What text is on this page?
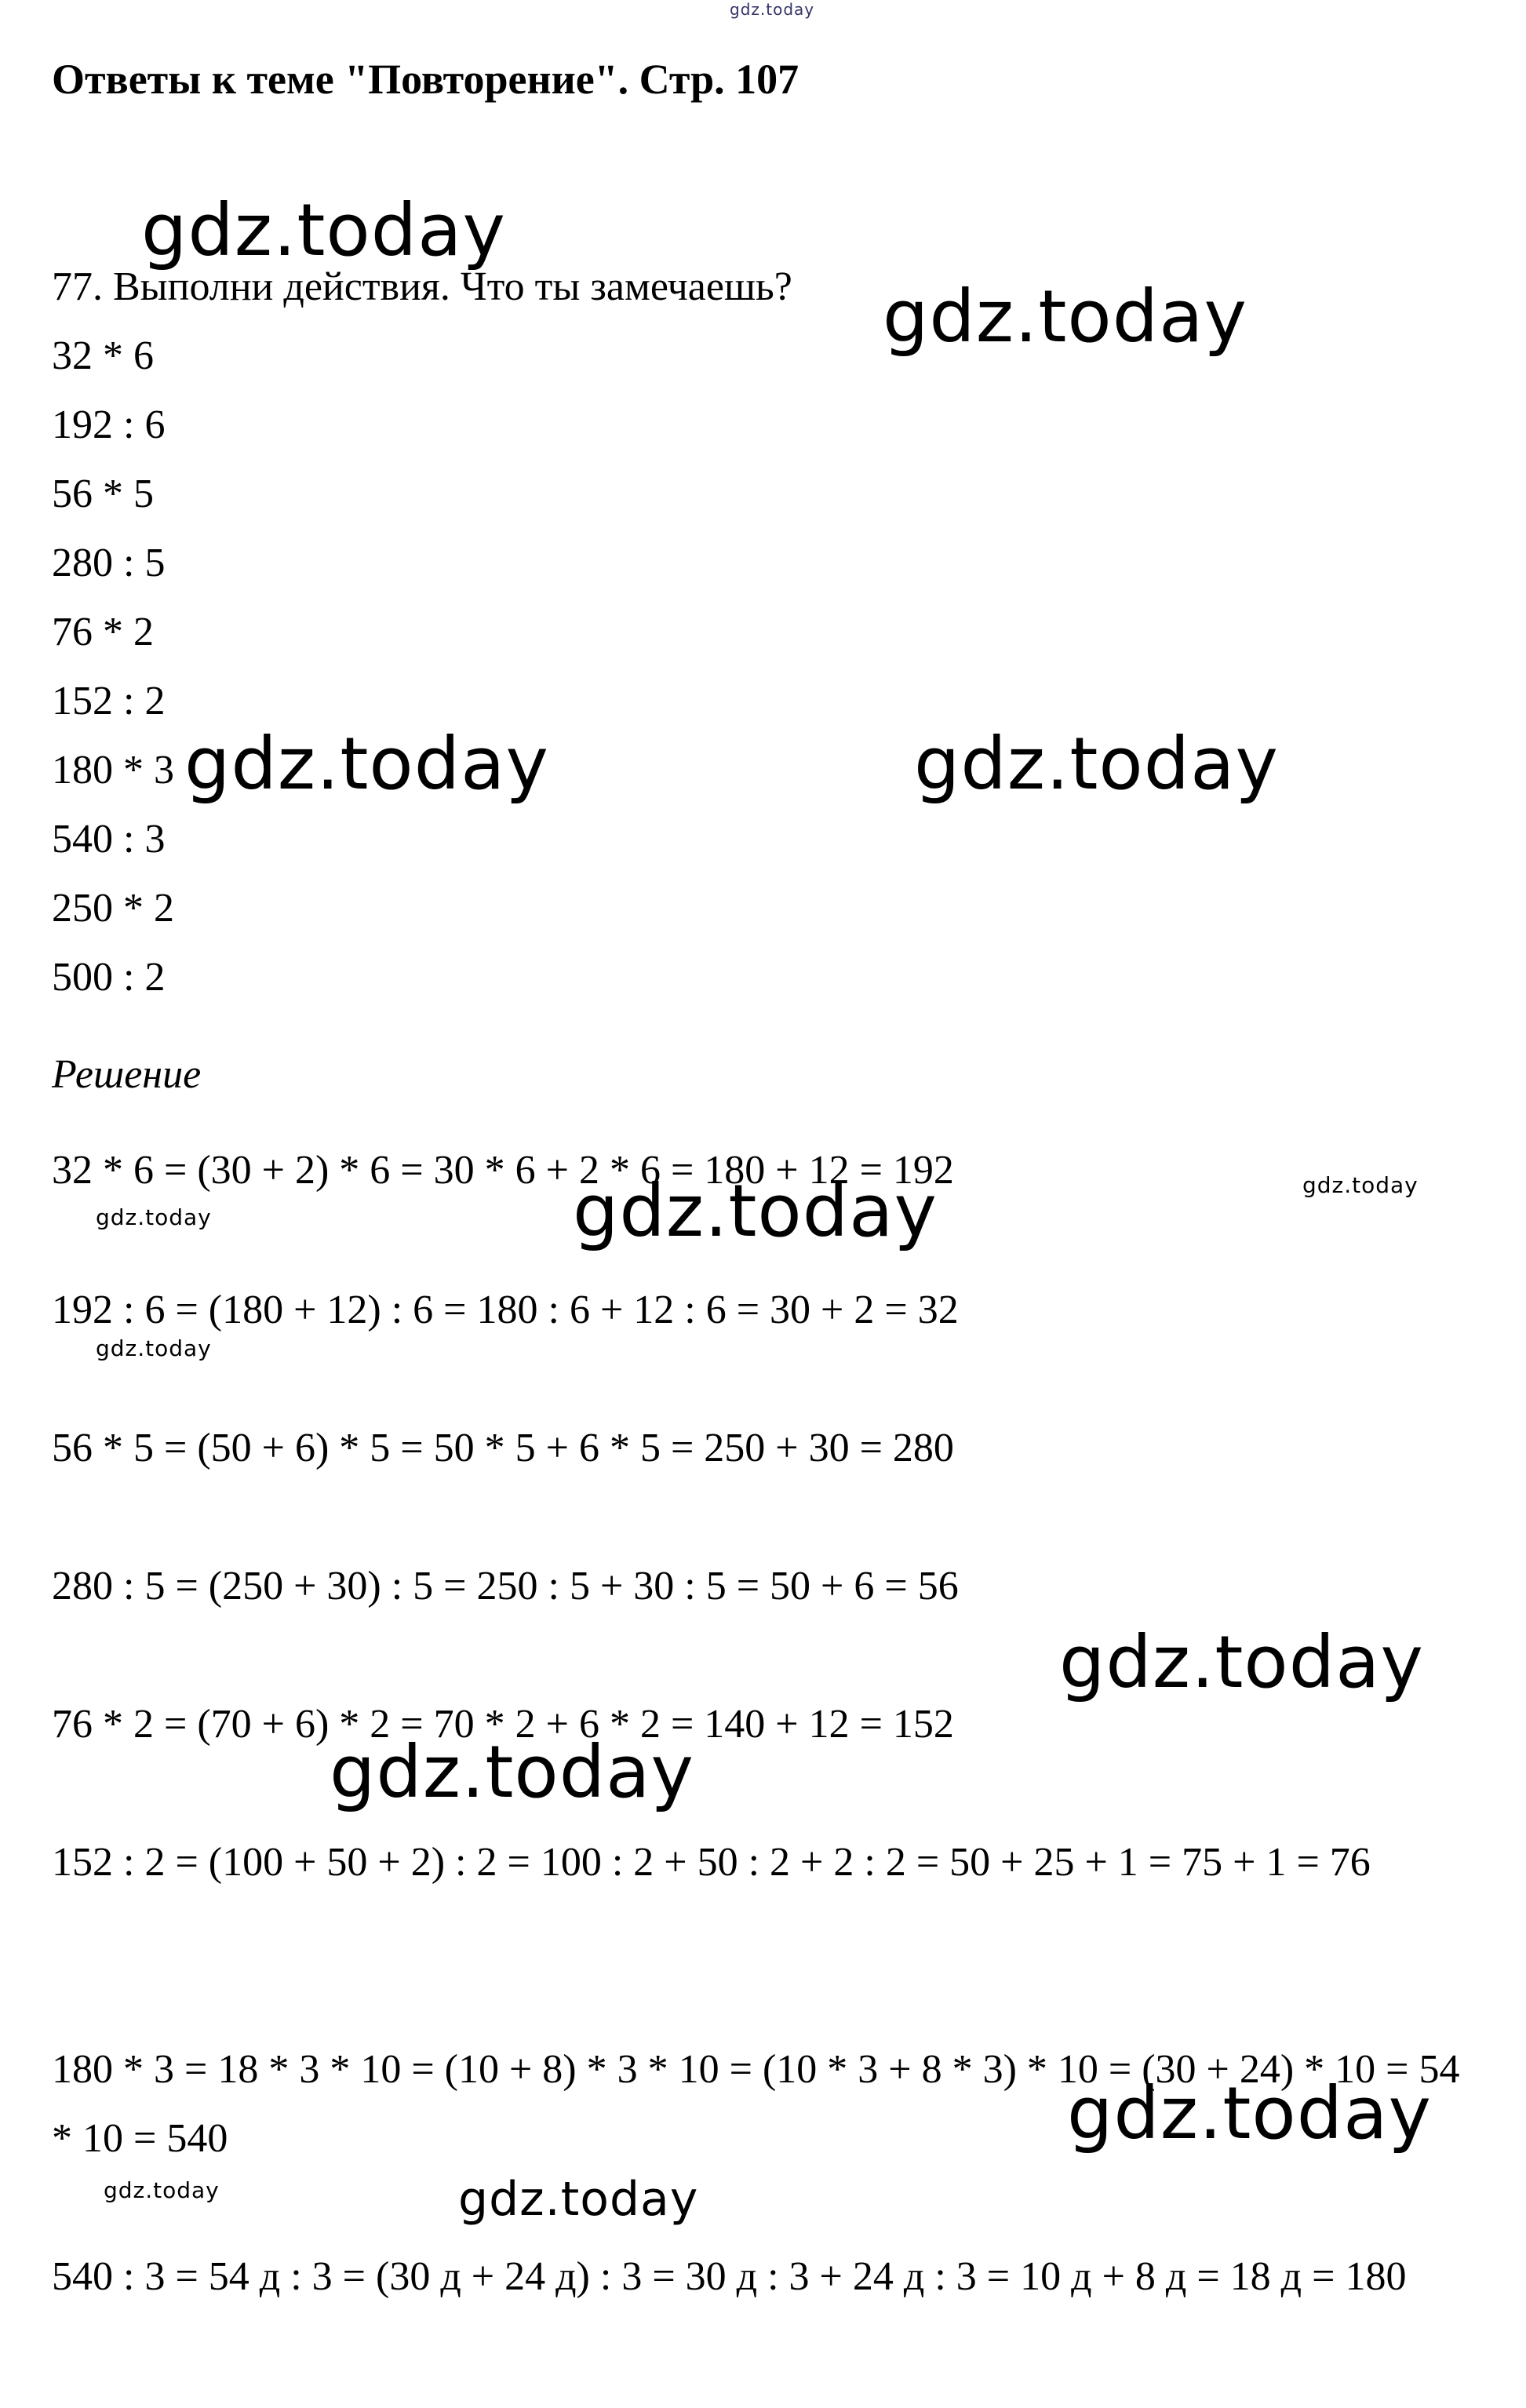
gdz.today
Ответы к теме "Повторение". Стр. 107
77. Выполни действия. Что ты замечаешь?
32 * 6
192 : 6
56 * 5
280 : 5
76 * 2
152 : 2
180 * 3
540 : 3
250 * 2
500 : 2
Решение
32 * 6 = (30 + 2) * 6 = 30 * 6 + 2 * 6 = 180 + 12 = 192
192 : 6 = (180 + 12) : 6 = 180 : 6 + 12 : 6 = 30 + 2 = 32
56 * 5 = (50 + 6) * 5 = 50 * 5 + 6 * 5 = 250 + 30 = 280
280 : 5 = (250 + 30) : 5 = 250 : 5 + 30 : 5 = 50 + 6 = 56
76 * 2 = (70 + 6) * 2 = 70 * 2 + 6 * 2 = 140 + 12 = 152
152 : 2 = (100 + 50 + 2) : 2 = 100 : 2 + 50 : 2 + 2 : 2 = 50 + 25 + 1 = 75 + 1 = 76
180 * 3 = 18 * 3 * 10 = (10 + 8) * 3 * 10 = (10 * 3 + 8 * 3) * 10 = (30 + 24) * 10 = 54 * 10 = 540
540 : 3 = 54 д : 3 = (30 д + 24 д) : 3 = 30 д : 3 + 24 д : 3 = 10 д + 8 д = 18 д = 180
gdz.today
gdz.today
gdz.today	gdz.today
gdz.today	gdz.today
gdz.today
gdz.today
gdz.today
gdz.today
gdz.today
gdz.today	gdz.today
